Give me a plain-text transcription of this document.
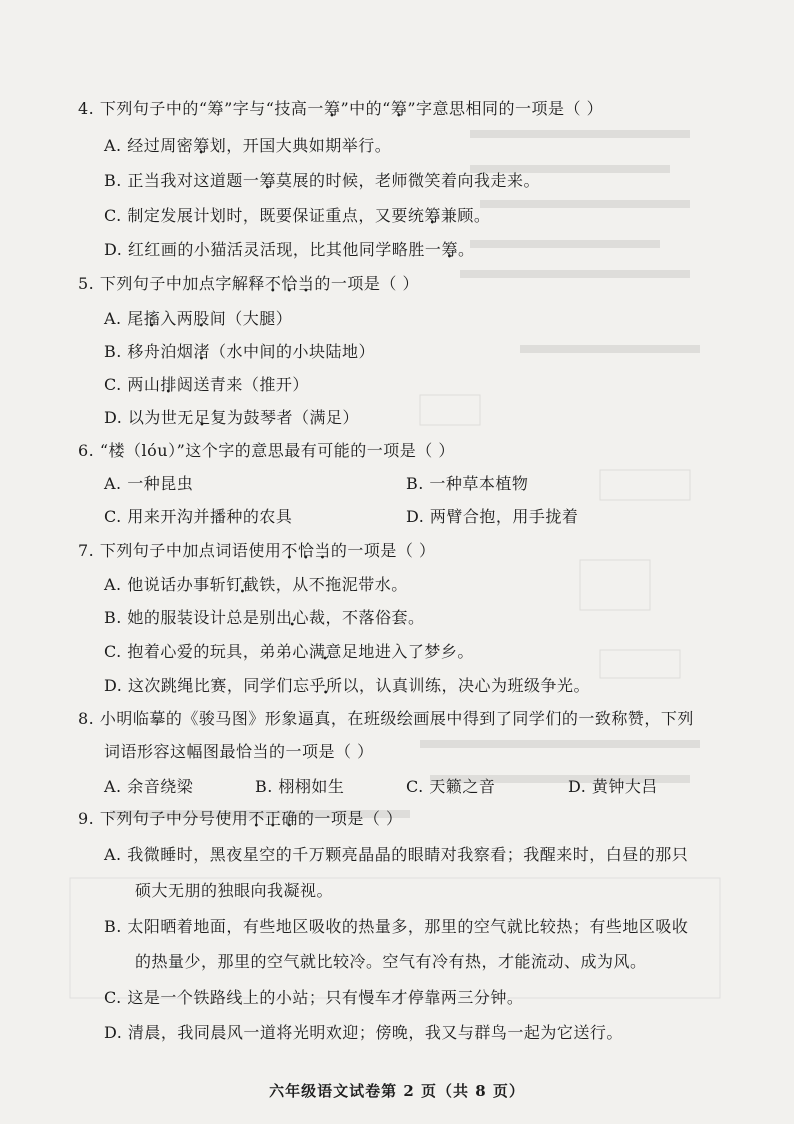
4. 下列句子中的“筹”字与“技高一筹”中的“筹”字意思相同的一项是（ ）
A. 经过周密筹划，开国大典如期举行。
B. 正当我对这道题一筹莫展的时候，老师微笑着向我走来。
C. 制定发展计划时，既要保证重点，又要统筹兼顾。
D. 红红画的小猫活灵活现，比其他同学略胜一筹。
5. 下列句子中加点字解释不恰当的一项是（ ）
A. 尾搐入两股间（大腿）
B. 移舟泊烟渚（水中间的小块陆地）
C. 两山排闼送青来（推开）
D. 以为世无足复为鼓琴者（满足）
6. “楼（lóu）”这个字的意思最有可能的一项是（ ）
A. 一种昆虫	B. 一种草本植物
C. 用来开沟并播种的农具	D. 两臂合抱，用手拢着
7. 下列句子中加点词语使用不恰当的一项是（ ）
A. 他说话办事斩钉截铁，从不拖泥带水。
B. 她的服装设计总是别出心裁，不落俗套。
C. 抱着心爱的玩具，弟弟心满意足地进入了梦乡。
D. 这次跳绳比赛，同学们忘乎所以，认真训练，决心为班级争光。
8. 小明临摹的《骏马图》形象逼真，在班级绘画展中得到了同学们的一致称赞，下列
词语形容这幅图最恰当的一项是（ ）
A. 余音绕梁	B. 栩栩如生	C. 天籁之音	D. 黄钟大吕
9. 下列句子中分号使用不正确的一项是（ ）
A. 我微睡时，黑夜星空的千万颗亮晶晶的眼睛对我察看；我醒来时，白昼的那只
硕大无朋的独眼向我凝视。
B. 太阳晒着地面，有些地区吸收的热量多，那里的空气就比较热；有些地区吸收
的热量少，那里的空气就比较冷。空气有冷有热，才能流动、成为风。
C. 这是一个铁路线上的小站；只有慢车才停靠两三分钟。
D. 清晨，我同晨风一道将光明欢迎；傍晚，我又与群鸟一起为它送行。
六年级语文试卷第 2 页（共 8 页）
